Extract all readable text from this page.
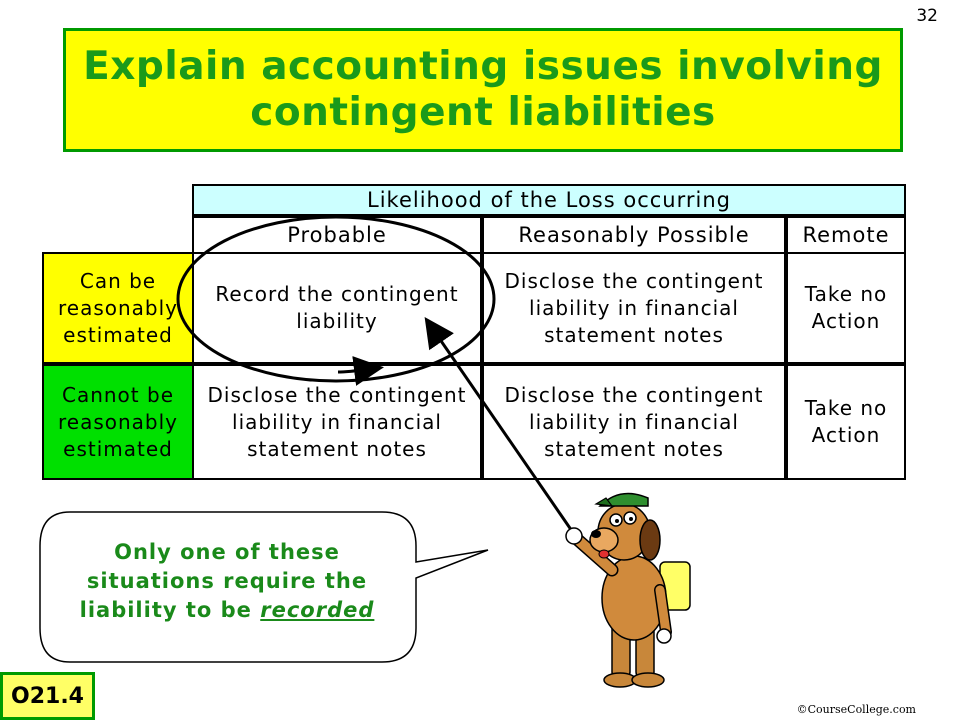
32
Explain accounting issues involving
contingent liabilities
Likelihood of the Loss occurring
Probable	Reasonably Possible	Remote
Can be
reasonably
estimated
Record the contingent
liability
Disclose the contingent
liability in financial
statement notes
Take no
Action
Cannot be
reasonably
estimated
Disclose the contingent
liability in financial
statement notes
Disclose the contingent
liability in financial
statement notes
Take no
Action
Only one of these
situations require the
liability to be recorded
O21.4
©CourseCollege.com
